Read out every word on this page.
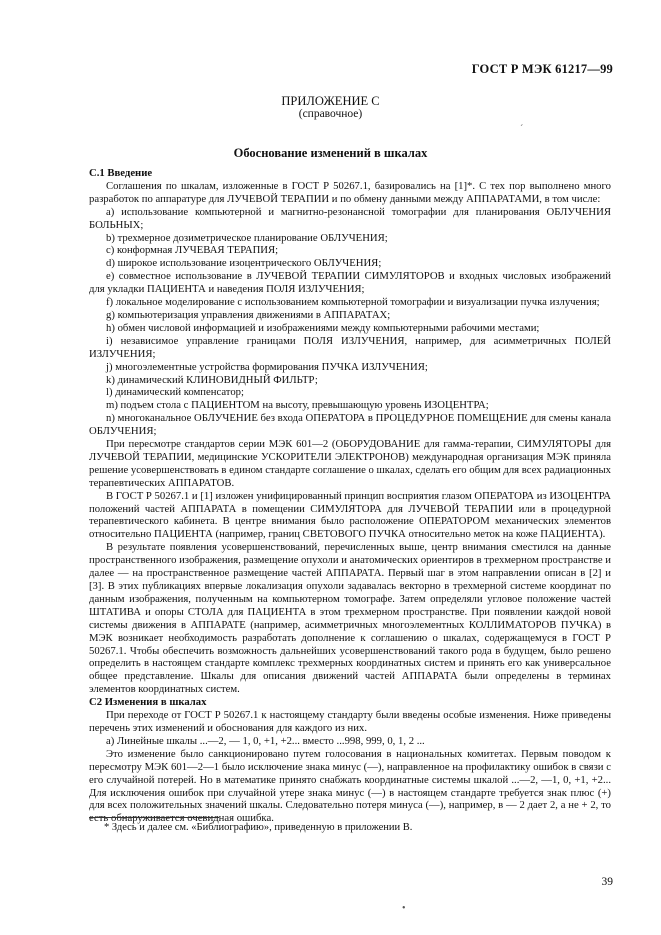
ГОСТ Р МЭК 61217—99
ПРИЛОЖЕНИЕ С
(справочное)
Обоснование изменений в шкалах

С.1 Введение

Соглашения по шкалам, изложенные в ГОСТ Р 50267.1, базировались на [1]*. С тех пор выполнено много разработок по аппаратуре для ЛУЧЕВОЙ ТЕРАПИИ и по обмену данными между АППАРАТАМИ, в том числе:

а) использование компьютерной и магнитно-резонансной томографии для планирования ОБЛУЧЕНИЯ БОЛЬНЫХ;

b) трехмерное дозиметрическое планирование ОБЛУЧЕНИЯ;

с) конформная ЛУЧЕВАЯ ТЕРАПИЯ;

d) широкое использование изоцентрического ОБЛУЧЕНИЯ;

е) совместное использование в ЛУЧЕВОЙ ТЕРАПИИ СИМУЛЯТОРОВ и входных числовых изображений для укладки ПАЦИЕНТА и наведения ПОЛЯ ИЗЛУЧЕНИЯ;

f) локальное моделирование с использованием компьютерной томографии и визуализации пучка излучения;

g) компьютеризация управления движениями в АППАРАТАХ;

h) обмен числовой информацией и изображениями между компьютерными рабочими местами;

i) независимое управление границами ПОЛЯ ИЗЛУЧЕНИЯ, например, для асимметричных ПОЛЕЙ ИЗЛУЧЕНИЯ;

j) многоэлементные устройства формирования ПУЧКА ИЗЛУЧЕНИЯ;

k) динамический КЛИНОВИДНЫЙ ФИЛЬТР;

l) динамический компенсатор;

m) подъем стола с ПАЦИЕНТОМ на высоту, превышающую уровень ИЗОЦЕНТРА;

n) многоканальное ОБЛУЧЕНИЕ без входа ОПЕРАТОРА в ПРОЦЕДУРНОЕ ПОМЕЩЕНИЕ для смены канала ОБЛУЧЕНИЯ;

При пересмотре стандартов серии МЭК 601—2 (ОБОРУДОВАНИЕ для гамма-терапии, СИМУЛЯТОРЫ для ЛУЧЕВОЙ ТЕРАПИИ, медицинские УСКОРИТЕЛИ ЭЛЕКТРОНОВ) международная организация МЭК приняла решение усовершенствовать в едином стандарте соглашение о шкалах, сделать его общим для всех радиационных терапевтических АППАРАТОВ.

В ГОСТ Р 50267.1 и [1] изложен унифицированный принцип восприятия глазом ОПЕРАТОРА из ИЗОЦЕНТРА положений частей АППАРАТА в помещении СИМУЛЯТОРА для ЛУЧЕВОЙ ТЕРАПИИ или в процедурной терапевтического кабинета. В центре внимания было расположение ОПЕРАТОРОМ механических элементов относительно ПАЦИЕНТА (например, границ СВЕТОВОГО ПУЧКА относительно меток на коже ПАЦИЕНТА).

В результате появления усовершенствований, перечисленных выше, центр внимания сместился на данные пространственного изображения, размещение опухоли и анатомических ориентиров в трехмерном пространстве и далее — на пространственное размещение частей АППАРАТА. Первый шаг в этом направлении описан в [2] и [3]. В этих публикациях впервые локализация опухоли задавалась векторно в трехмерной системе координат по данным изображения, полученным на компьютерном томографе. Затем определяли угловое положение частей ШТАТИВА и опоры СТОЛА для ПАЦИЕНТА в этом трехмерном пространстве. При появлении каждой новой системы движения в АППАРАТЕ (например, асимметричных многоэлементных КОЛЛИМАТОРОВ ПУЧКА) в МЭК возникает необходимость разработать дополнение к соглашению о шкалах, содержащемуся в ГОСТ Р 50267.1. Чтобы обеспечить возможность дальнейших усовершенствований такого рода в будущем, было решено определить в настоящем стандарте комплекс трехмерных координатных систем и принять его как универсальное общее представление. Шкалы для описания движений частей АППАРАТА были определены в терминах элементов координатных систем.

С2 Изменения в шкалах

При переходе от ГОСТ Р 50267.1 к настоящему стандарту были введены особые изменения. Ниже приведены перечень этих изменений и обоснования для каждого из них.

а) Линейные шкалы ...—2, — 1, 0, +1, +2... вместо ...998, 999, 0, 1, 2 ...

Это изменение было санкционировано путем голосования в национальных комитетах. Первым поводом к пересмотру МЭК 601—2—1 было исключение знака минус (—), направленное на профилактику ошибок в связи с его случайной потерей. Но в математике принято снабжать координатные системы шкалой ...—2, —1, 0, +1, +2... Для исключения ошибок при случайной утере знака минус (—) в настоящем стандарте требуется знак плюс (+) для всех положительных значений шкалы. Следовательно потеря минуса (—), например, в — 2 дает 2, а не + 2, то есть обнаруживается очевидная ошибка.

* Здесь и далее см. «Библиографию», приведенную в приложении В.
39
ˊ
•
